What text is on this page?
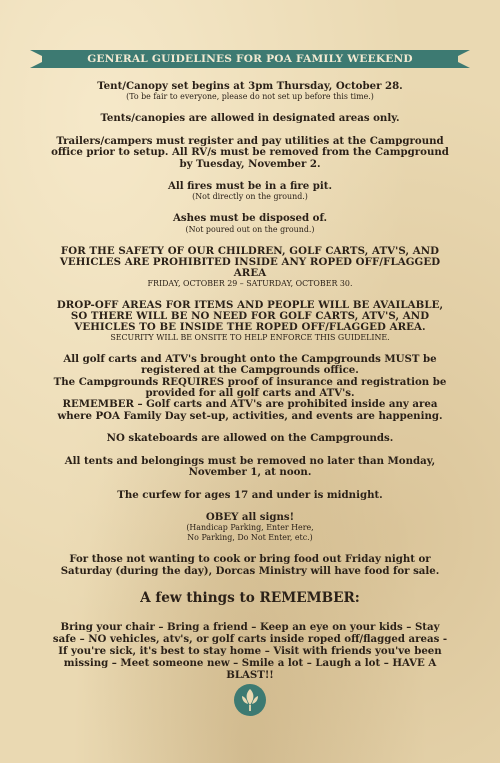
GENERAL GUIDELINES FOR POA FAMILY WEEKEND

Tent/Canopy set begins at 3pm Thursday, October 28.

(To be fair to everyone, please do not set up before this time.)

Tents/canopies are allowed in designated areas only.

Trailers/campers must register and pay utilities at the Campground

office prior to setup. All RV/s must be removed from the Campground

by Tuesday, November 2.

All fires must be in a fire pit.

(Not directly on the ground.)

Ashes must be disposed of.

(Not poured out on the ground.)

FOR THE SAFETY OF OUR CHILDREN, GOLF CARTS, ATV'S, AND

VEHICLES ARE PROHIBITED INSIDE ANY ROPED OFF/FLAGGED AREA

FRIDAY, OCTOBER 29 – SATURDAY, OCTOBER 30.

DROP-OFF AREAS FOR ITEMS AND PEOPLE WILL BE AVAILABLE,

SO THERE WILL BE NO NEED FOR GOLF CARTS, ATV'S, AND

VEHICLES TO BE INSIDE THE ROPED OFF/FLAGGED AREA.

SECURITY WILL BE ONSITE TO HELP ENFORCE THIS GUIDELINE.

All golf carts and ATV's brought onto the Campgrounds MUST be

registered at the Campgrounds office.

The Campgrounds REQUIRES proof of insurance and registration be

provided for all golf carts and ATV's.

REMEMBER – Golf carts and ATV's are prohibited inside any area

where POA Family Day set-up, activities, and events are happening.

NO skateboards are allowed on the Campgrounds.

All tents and belongings must be removed no later than Monday,

November 1, at noon.

The curfew for ages 17 and under is midnight.

OBEY all signs!

(Handicap Parking, Enter Here,

No Parking, Do Not Enter, etc.)

For those not wanting to cook or bring food out Friday night or

Saturday (during the day), Dorcas Ministry will have food for sale.

A few things to REMEMBER:

Bring your chair – Bring a friend – Keep an eye on your kids – Stay

safe – NO vehicles, atv's, or golf carts inside roped off/flagged areas -

If you're sick, it's best to stay home – Visit with friends you've been

missing – Meet someone new – Smile a lot – Laugh a lot – HAVE A

BLAST!!
